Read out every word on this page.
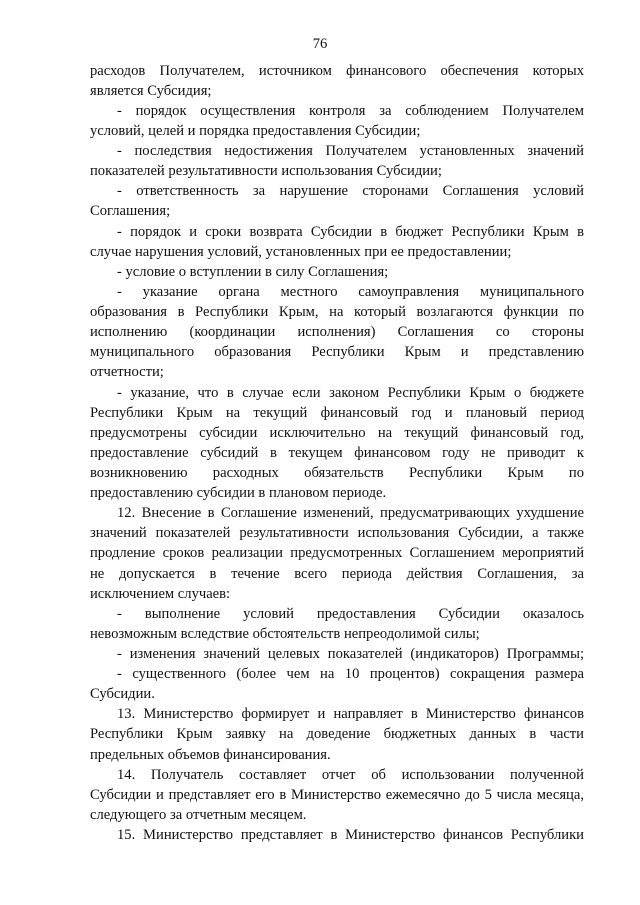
76
расходов Получателем, источником финансового обеспечения которых
является Субсидия;
- порядок осуществления контроля за соблюдением Получателем
условий, целей и порядка предоставления Субсидии;
- последствия недостижения Получателем установленных значений
показателей результативности использования Субсидии;
- ответственность за нарушение сторонами Соглашения условий
Соглашения;
- порядок и сроки возврата Субсидии в бюджет Республики Крым в
случае нарушения условий, установленных при ее предоставлении;
- условие о вступлении в силу Соглашения;
- указание органа местного самоуправления муниципального
образования в Республики Крым, на который возлагаются функции по
исполнению (координации исполнения) Соглашения со стороны
муниципального образования Республики Крым и представлению
отчетности;
- указание, что в случае если законом Республики Крым о бюджете
Республики Крым на текущий финансовый год и плановый период
предусмотрены субсидии исключительно на текущий финансовый год,
предоставление субсидий в текущем финансовом году не приводит к
возникновению расходных обязательств Республики Крым по
предоставлению субсидии в плановом периоде.
12. Внесение в Соглашение изменений, предусматривающих ухудшение
значений показателей результативности использования Субсидии, а также
продление сроков реализации предусмотренных Соглашением мероприятий
не допускается в течение всего периода действия Соглашения, за
исключением случаев:
- выполнение условий предоставления Субсидии оказалось
невозможным вследствие обстоятельств непреодолимой силы;
- изменения значений целевых показателей (индикаторов) Программы;
- существенного (более чем на 10 процентов) сокращения размера
Субсидии.
13. Министерство формирует и направляет в Министерство финансов
Республики Крым заявку на доведение бюджетных данных в части
предельных объемов финансирования.
14. Получатель составляет отчет об использовании полученной
Субсидии и представляет его в Министерство ежемесячно до 5 числа месяца,
следующего за отчетным месяцем.
15. Министерство представляет в Министерство финансов Республики
